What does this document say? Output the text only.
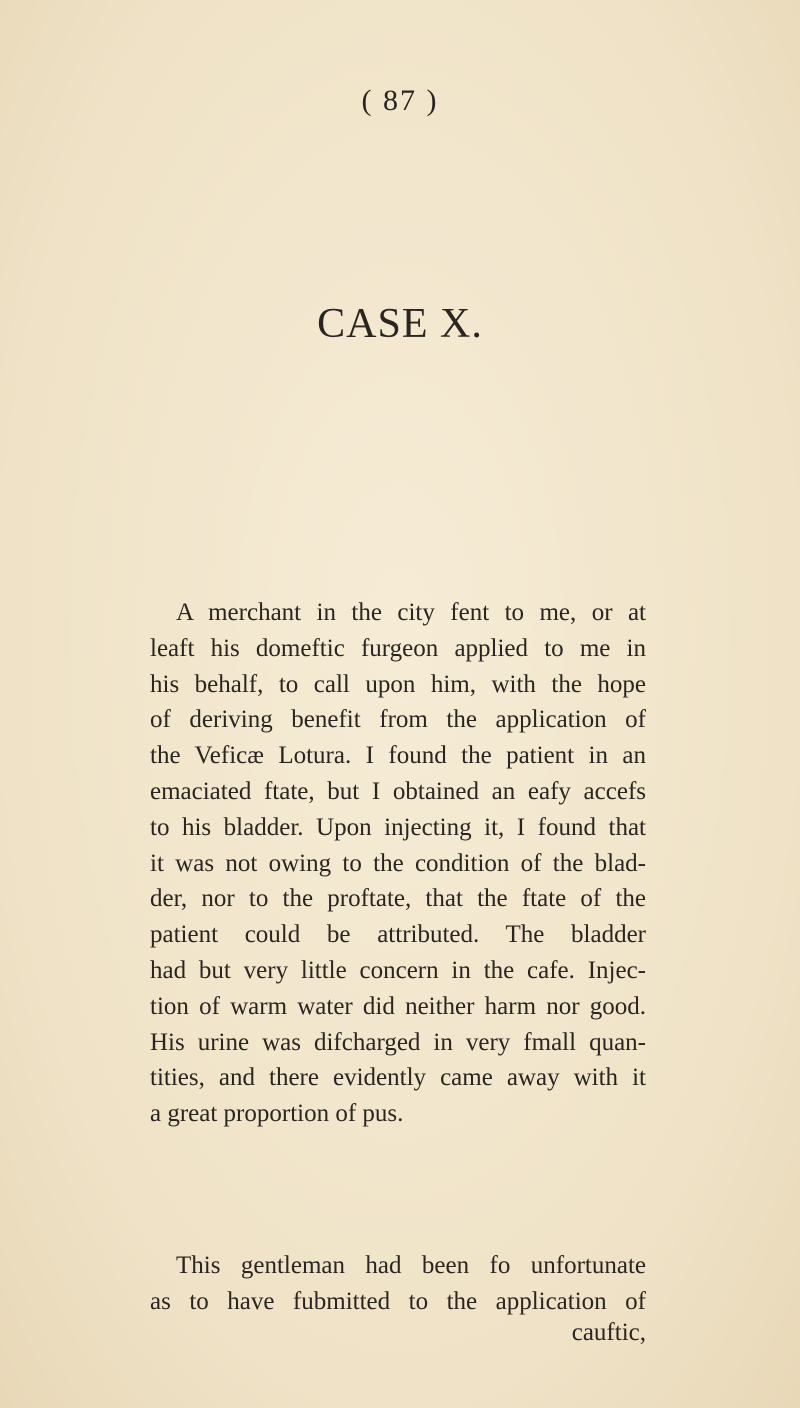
( 87 )
CASE X.
A merchant in the city fent to me, or at
leaft his domeftic furgeon applied to me in
his behalf, to call upon him, with the hope
of deriving benefit from the application of
the Veficæ Lotura. I found the patient in an
emaciated ftate, but I obtained an eafy accefs
to his bladder. Upon injecting it, I found that
it was not owing to the condition of the blad-
der, nor to the proftate, that the ftate of the
patient could be attributed. The bladder
had but very little concern in the cafe. Injec-
tion of warm water did neither harm nor good.
His urine was difcharged in very fmall quan-
tities, and there evidently came away with it
a great proportion of pus.
This gentleman had been fo unfortunate
as to have fubmitted to the application of
cauftic,
